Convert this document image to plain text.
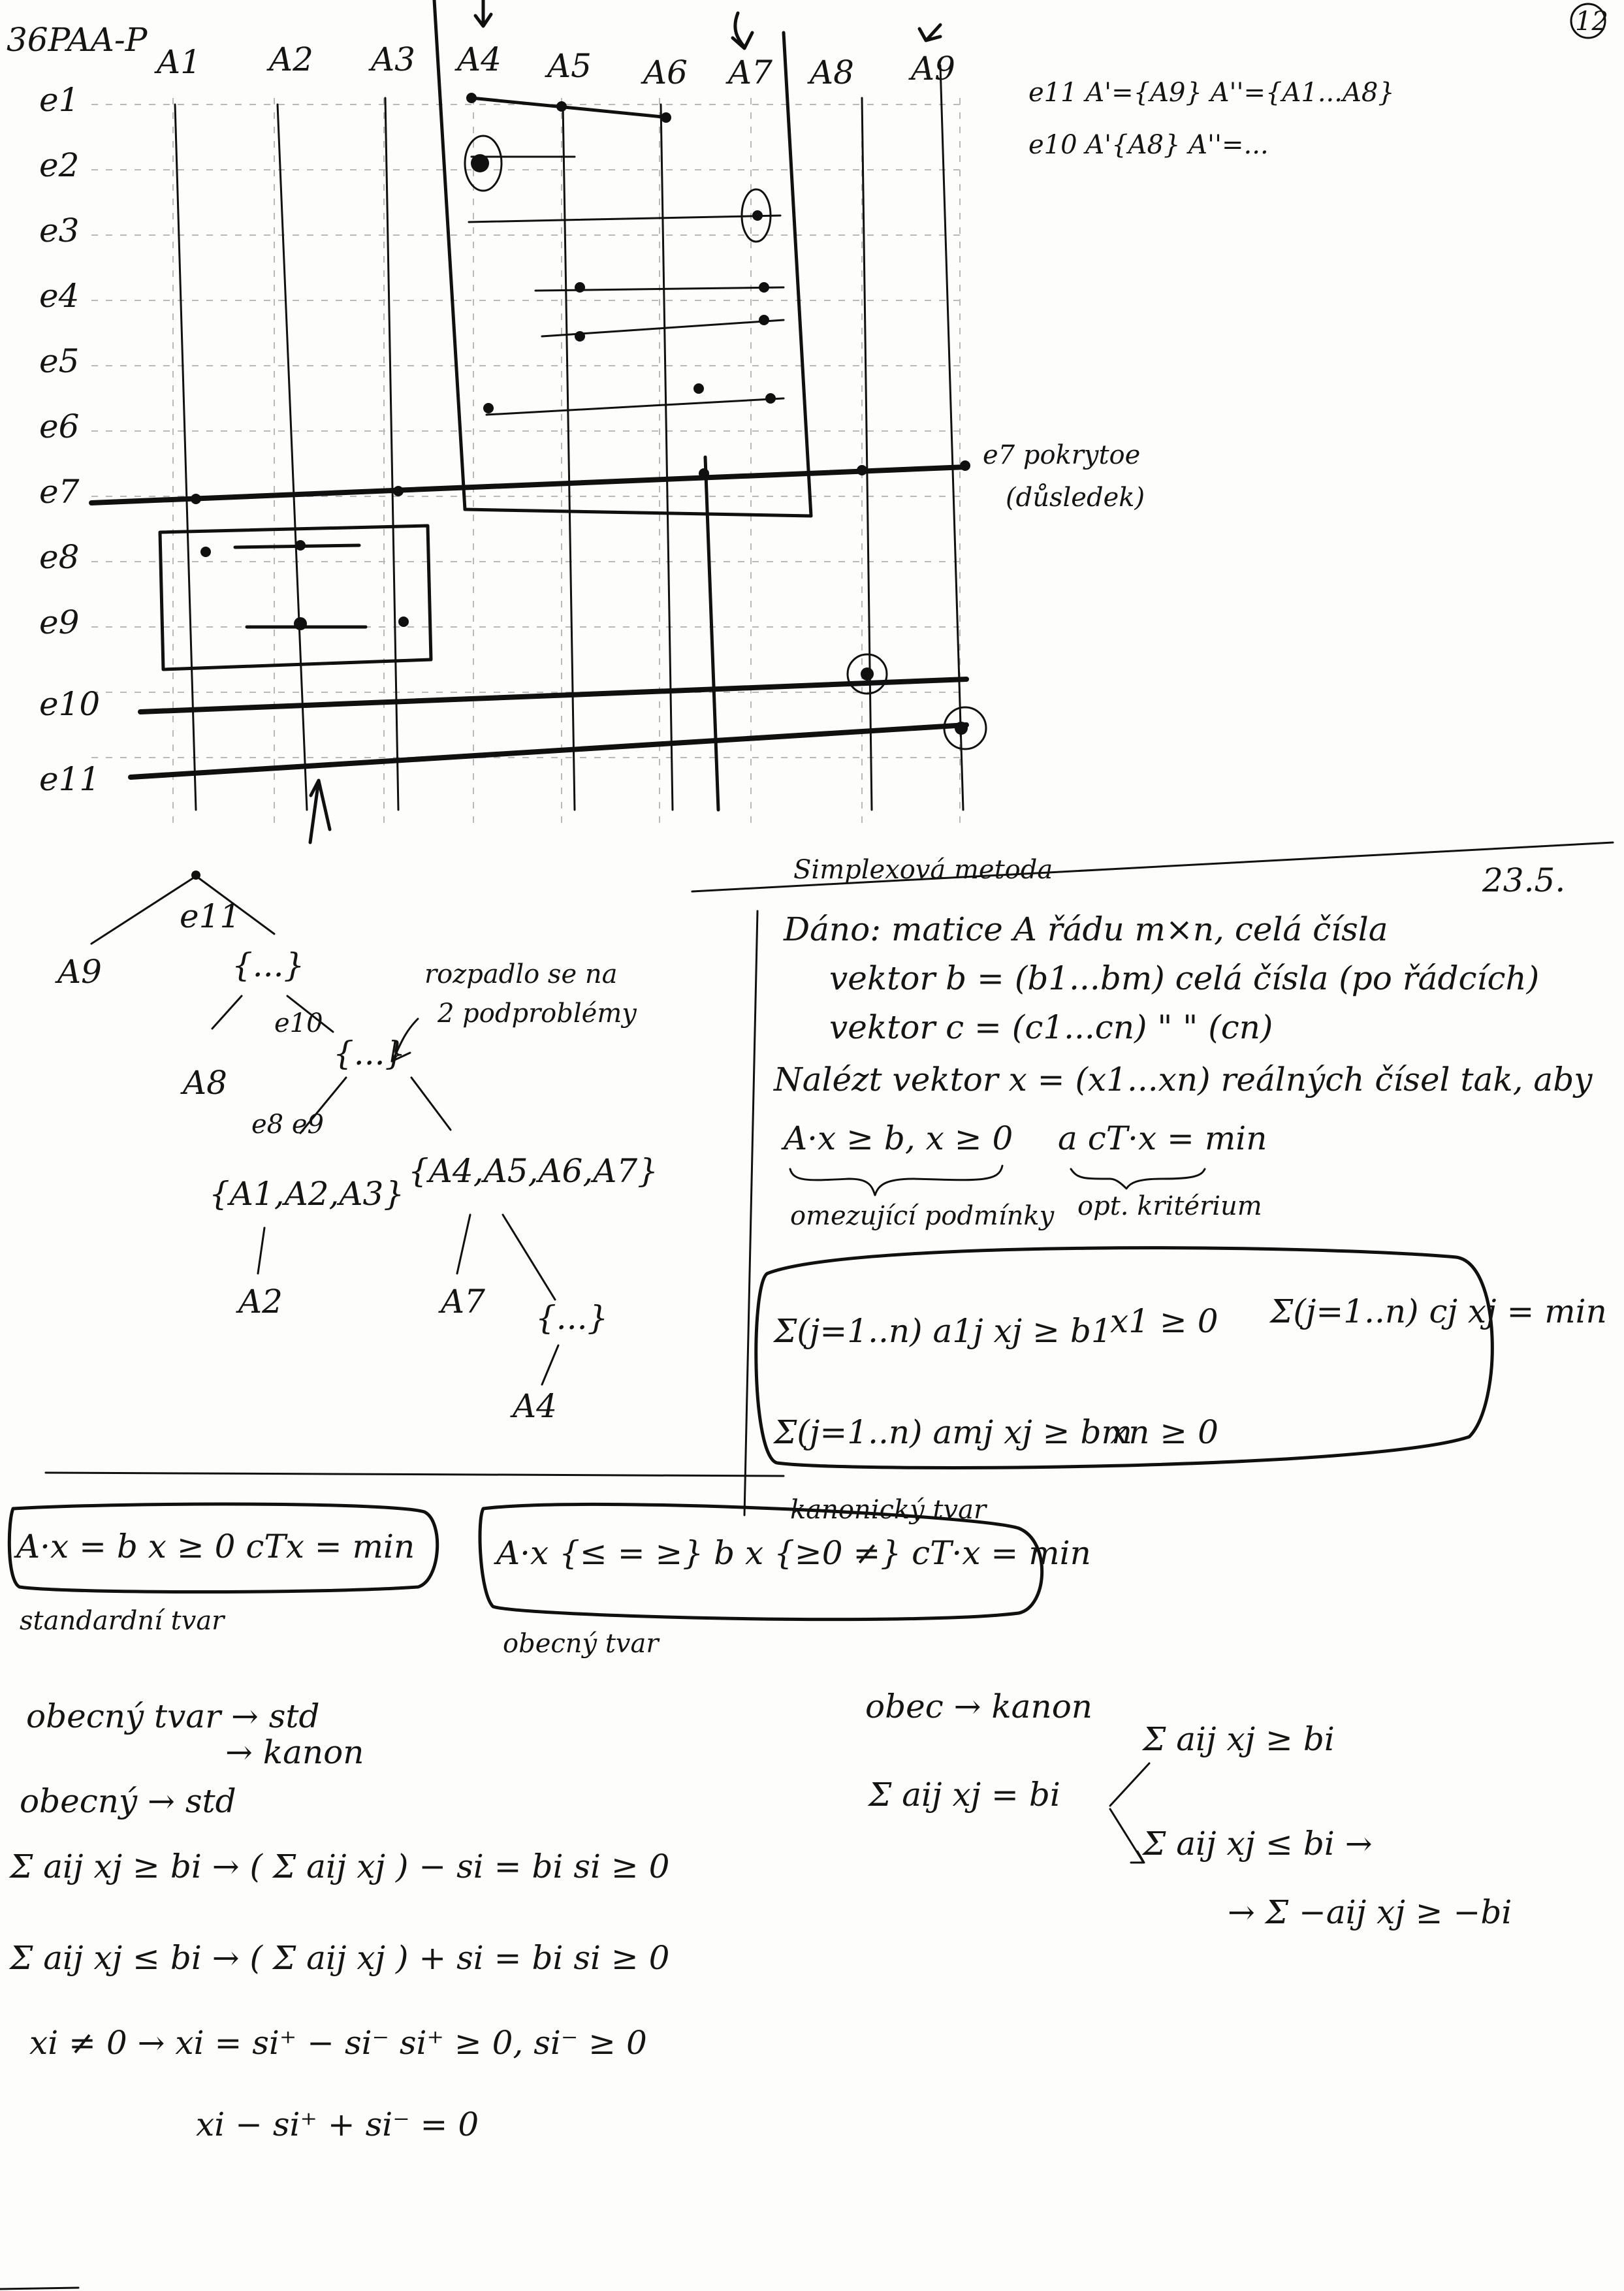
36PAA-P	12
A1 A2 A3 A4 A5 A6 A7 A8 A9
e1
e2
e3
e4
e5
e6
e7
e8
e9
e10
e11
e7 pokrytoe
(důsledek)
e11 A'={A9} A''={A1...A8}
e10 A'{A8} A''=...
e11
A9	{...}
e10
A8
{...}
e8 e9
{A1,A2,A3}
{A4,A5,A6,A7}
A2	A7 {...}
A4
rozpadlo se na
2 podproblémy
Simplexová metoda	23.5.
Dáno: matice A řádu m×n, celá čísla
vektor b = (b1...bm) celá čísla (po řádcích)
vektor c = (c1...cn) " " (cn)
Nalézt vektor x = (x1...xn) reálných čísel tak, aby
A·x ≥ b, x ≥ 0 a cT·x = min
omezující podmínky opt. kritérium
Σ(j=1..n) a1j xj ≥ b1
x1 ≥ 0 Σ(j=1..n) cj xj = min
Σ(j=1..n) amj xj ≥ bm
xn ≥ 0
kanonický tvar
A·x = b x ≥ 0 cTx = min
standardní tvar
A·x {≤ = ≥} b x {≥0 ≠} cT·x = min
obecný tvar
obecný tvar → std
→ kanon
obecný → std
Σ aij xj ≥ bi → ( Σ aij xj ) − si = bi si ≥ 0
Σ aij xj ≤ bi → ( Σ aij xj ) + si = bi si ≥ 0
xi ≠ 0 → xi = si⁺ − si⁻ si⁺ ≥ 0, si⁻ ≥ 0
xi − si⁺ + si⁻ = 0
obec → kanon
Σ aij xj = bi
Σ aij xj ≥ bi
Σ aij xj ≤ bi →
→ Σ −aij xj ≥ −bi
